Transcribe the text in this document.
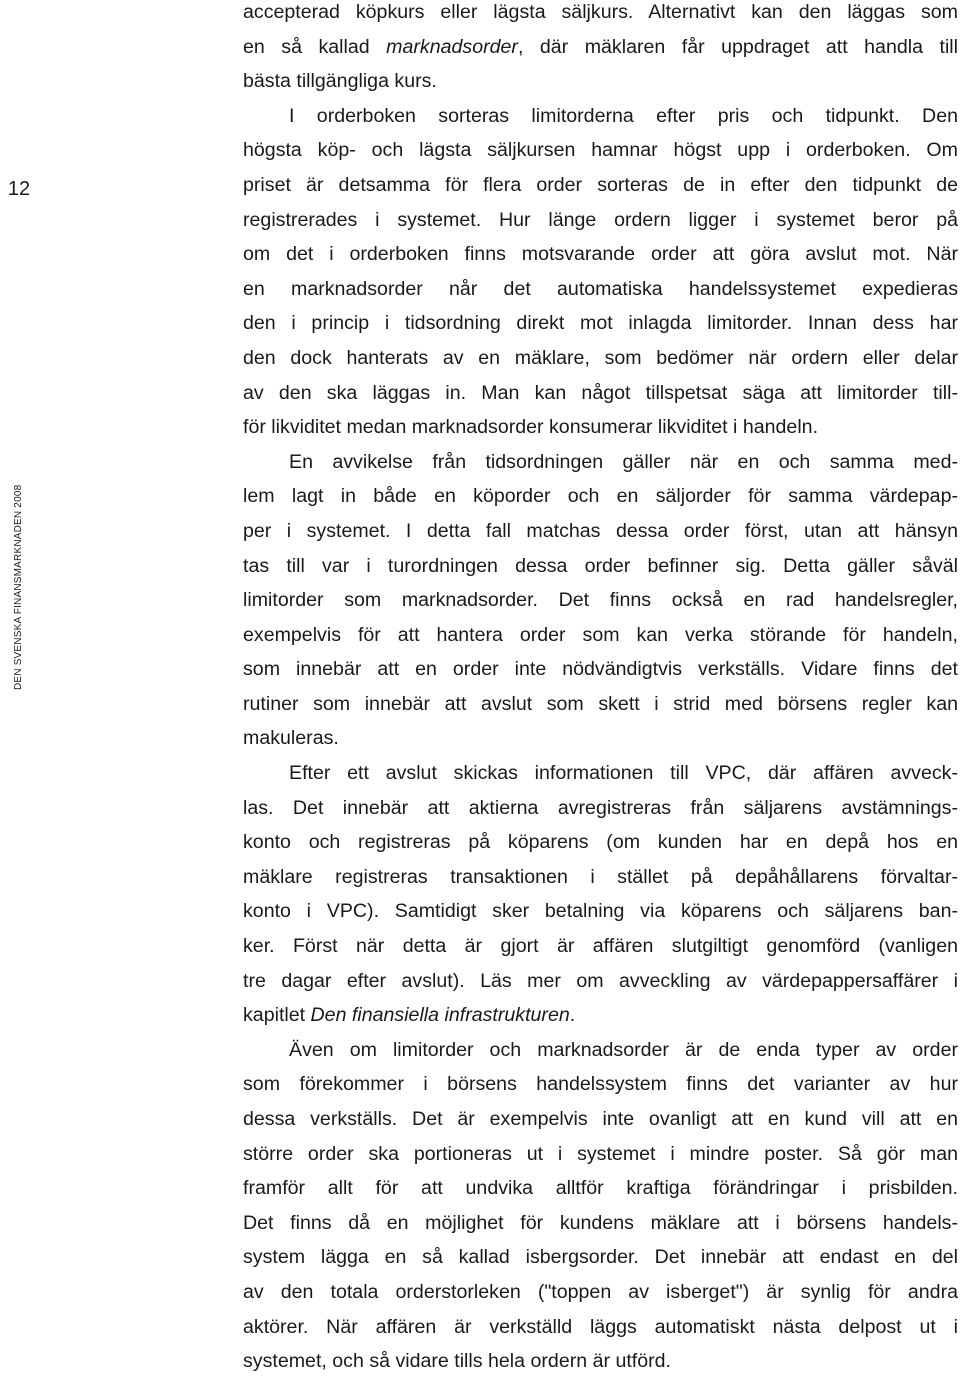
12
DEN SVENSKA FINANSMARKNADEN 2008
accepterad köpkurs eller lägsta säljkurs. Alternativt kan den läggas som
en så kallad marknadsorder, där mäklaren får uppdraget att handla till
bästa tillgängliga kurs.
I orderboken sorteras limitorderna efter pris och tidpunkt. Den
högsta köp- och lägsta säljkursen hamnar högst upp i orderboken. Om
priset är detsamma för flera order sorteras de in efter den tidpunkt de
registrerades i systemet. Hur länge ordern ligger i systemet beror på
om det i orderboken finns motsvarande order att göra avslut mot. När
en marknadsorder når det automatiska handelssystemet expedieras
den i princip i tidsordning direkt mot inlagda limitorder. Innan dess har
den dock hanterats av en mäklare, som bedömer när ordern eller delar
av den ska läggas in. Man kan något tillspetsat säga att limitorder till-
för likviditet medan marknadsorder konsumerar likviditet i handeln.
En avvikelse från tidsordningen gäller när en och samma med-
lem lagt in både en köporder och en säljorder för samma värdepap-
per i systemet. I detta fall matchas dessa order först, utan att hänsyn
tas till var i turordningen dessa order befinner sig. Detta gäller såväl
limitorder som marknadsorder. Det finns också en rad handelsregler,
exempelvis för att hantera order som kan verka störande för handeln,
som innebär att en order inte nödvändigtvis verkställs. Vidare finns det
rutiner som innebär att avslut som skett i strid med börsens regler kan
makuleras.
Efter ett avslut skickas informationen till VPC, där affären avveck-
las. Det innebär att aktierna avregistreras från säljarens avstämnings-
konto och registreras på köparens (om kunden har en depå hos en
mäklare registreras transaktionen i stället på depåhållarens förvaltar-
konto i VPC). Samtidigt sker betalning via köparens och säljarens ban-
ker. Först när detta är gjort är affären slutgiltigt genomförd (vanligen
tre dagar efter avslut). Läs mer om avveckling av värdepappersaffärer i
kapitlet Den finansiella infrastrukturen.
Även om limitorder och marknadsorder är de enda typer av order
som förekommer i börsens handelssystem finns det varianter av hur
dessa verkställs. Det är exempelvis inte ovanligt att en kund vill att en
större order ska portioneras ut i systemet i mindre poster. Så gör man
framför allt för att undvika alltför kraftiga förändringar i prisbilden.
Det finns då en möjlighet för kundens mäklare att i börsens handels-
system lägga en så kallad isbergsorder. Det innebär att endast en del
av den totala orderstorleken ("toppen av isberget") är synlig för andra
aktörer. När affären är verkställd läggs automatiskt nästa delpost ut i
systemet, och så vidare tills hela ordern är utförd.
